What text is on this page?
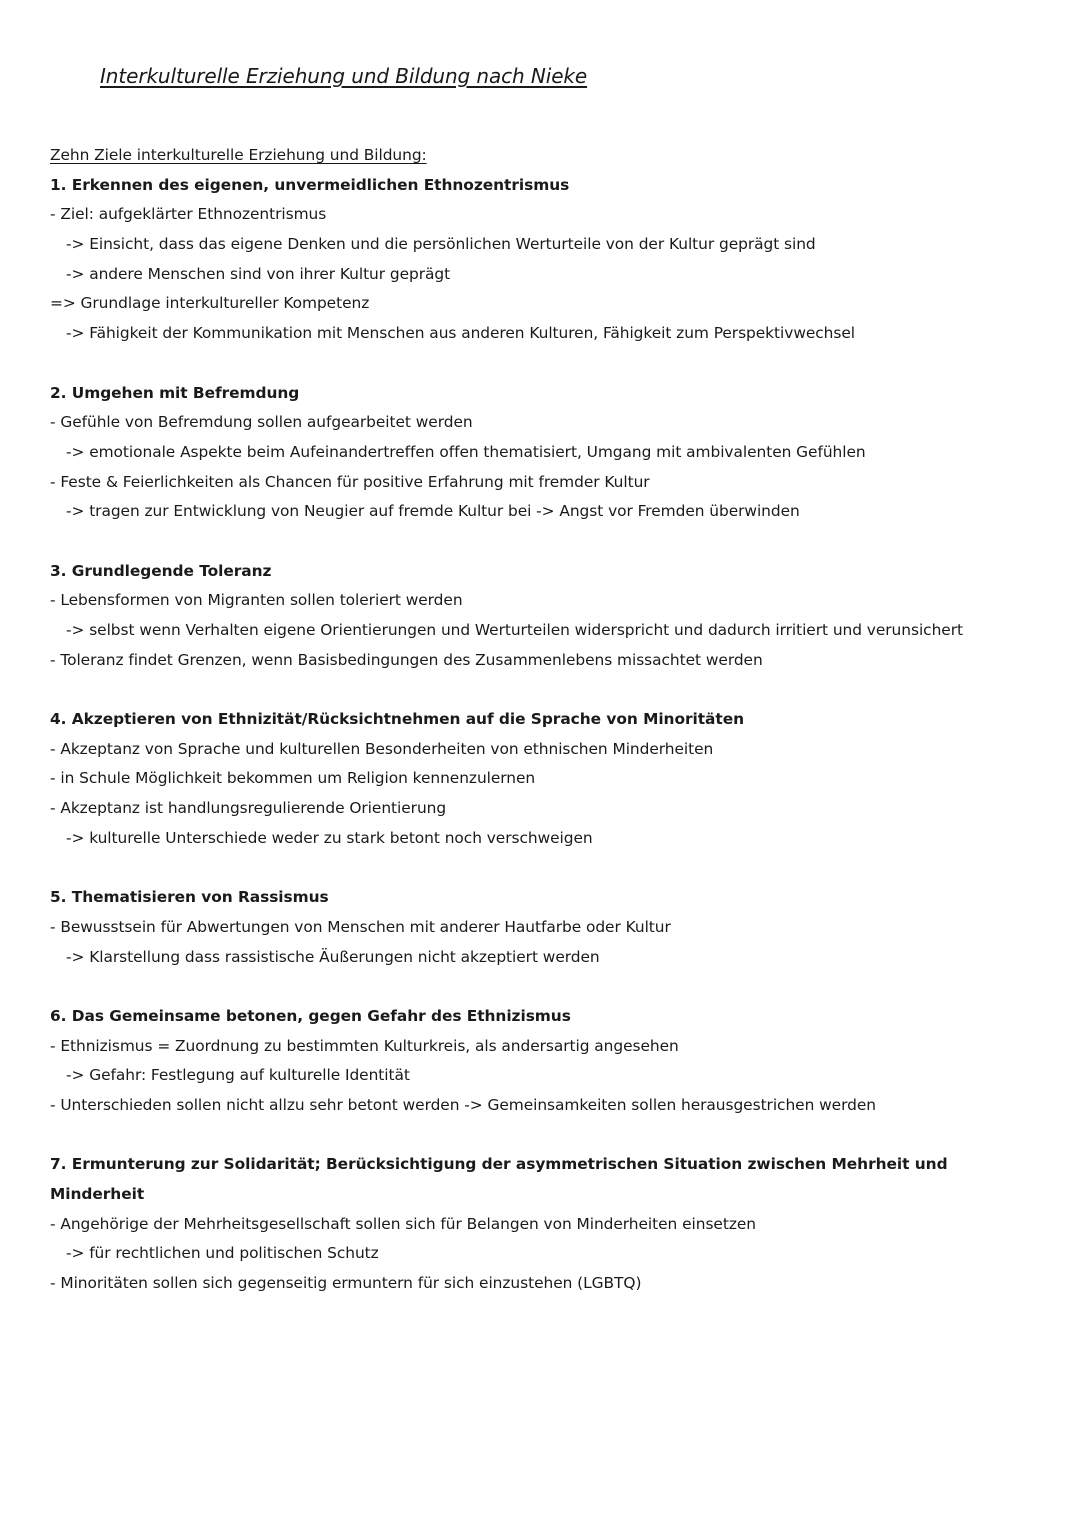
Interkulturelle Erziehung und Bildung nach Nieke
Zehn Ziele interkulturelle Erziehung und Bildung:
1. Erkennen des eigenen, unvermeidlichen Ethnozentrismus
- Ziel: aufgeklärter Ethnozentrismus
-> Einsicht, dass das eigene Denken und die persönlichen Werturteile von der Kultur geprägt sind
-> andere Menschen sind von ihrer Kultur geprägt
=> Grundlage interkultureller Kompetenz
-> Fähigkeit der Kommunikation mit Menschen aus anderen Kulturen, Fähigkeit zum Perspektivwechsel
2. Umgehen mit Befremdung
- Gefühle von Befremdung sollen aufgearbeitet werden
-> emotionale Aspekte beim Aufeinandertreffen offen thematisiert, Umgang mit ambivalenten Gefühlen
- Feste & Feierlichkeiten als Chancen für positive Erfahrung mit fremder Kultur
-> tragen zur Entwicklung von Neugier auf fremde Kultur bei -> Angst vor Fremden überwinden
3. Grundlegende Toleranz
- Lebensformen von Migranten sollen toleriert werden
-> selbst wenn Verhalten eigene Orientierungen und Werturteilen widerspricht und dadurch irritiert und verunsichert
- Toleranz findet Grenzen, wenn Basisbedingungen des Zusammenlebens missachtet werden
4. Akzeptieren von Ethnizität/Rücksichtnehmen auf die Sprache von Minoritäten
- Akzeptanz von Sprache und kulturellen Besonderheiten von ethnischen Minderheiten
- in Schule Möglichkeit bekommen um Religion kennenzulernen
- Akzeptanz ist handlungsregulierende Orientierung
-> kulturelle Unterschiede weder zu stark betont noch verschweigen
5. Thematisieren von Rassismus
- Bewusstsein für Abwertungen von Menschen mit anderer Hautfarbe oder Kultur
-> Klarstellung dass rassistische Äußerungen nicht akzeptiert werden
6. Das Gemeinsame betonen, gegen Gefahr des Ethnizismus
- Ethnizismus = Zuordnung zu bestimmten Kulturkreis, als andersartig angesehen
-> Gefahr: Festlegung auf kulturelle Identität
- Unterschieden sollen nicht allzu sehr betont werden -> Gemeinsamkeiten sollen herausgestrichen werden
7. Ermunterung zur Solidarität; Berücksichtigung der asymmetrischen Situation zwischen Mehrheit und
Minderheit
- Angehörige der Mehrheitsgesellschaft sollen sich für Belangen von Minderheiten einsetzen
-> für rechtlichen und politischen Schutz
- Minoritäten sollen sich gegenseitig ermuntern für sich einzustehen (LGBTQ)
